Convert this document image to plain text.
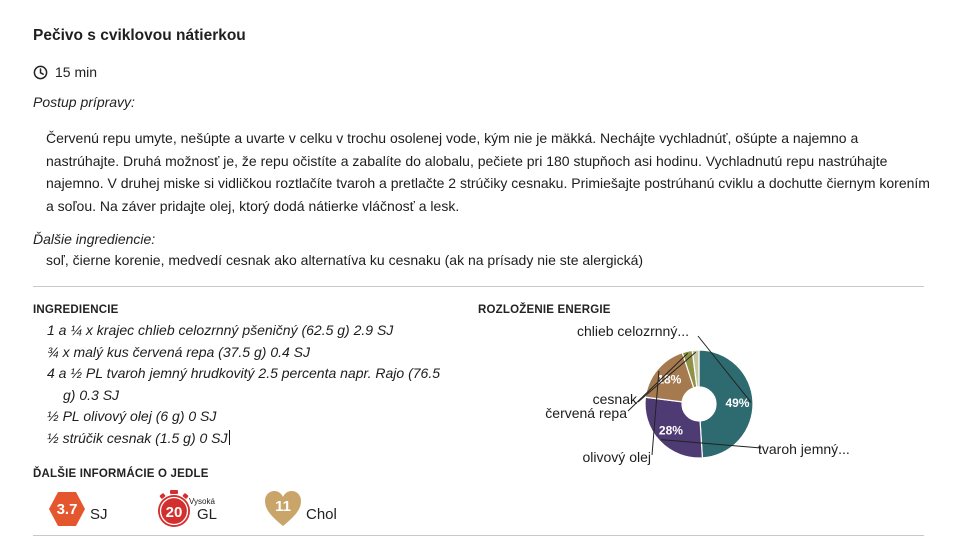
Pečivo s cviklovou nátierkou
15 min
Postup prípravy:
Červenú repu umyte, nešúpte a uvarte v celku v trochu osolenej vode, kým nie je mäkká. Nechájte vychladnúť, ošúpte a najemno a nastrúhajte. Druhá možnosť je, že repu očistíte a zabalíte do alobalu, pečiete pri 180 stupňoch asi hodinu. Vychladnutú repu nastrúhajte najemno. V druhej miske si vidličkou roztlačíte tvaroh a pretlačte 2 strúčiky cesnaku. Primiešajte postrúhanú cviklu a dochutte čiernym korením a soľou. Na záver pridajte olej, ktorý dodá nátierke vláčnosť a lesk.
Ďalšie ingrediencie:
soľ, čierne korenie, medvedí cesnak ako alternatíva ku cesnaku (ak na prísady nie ste alergická)
INGREDIENCIE
1 a ¼ x krajec chlieb celozrnný pšeničný (62.5 g) 2.9 SJ
¾ x malý kus červená repa (37.5 g) 0.4 SJ
4 a ½ PL tvaroh jemný hrudkovitý 2.5 percenta napr. Rajo (76.5 g) 0.3 SJ
½ PL olivový olej (6 g) 0 SJ
½ strúčik cesnak (1.5 g) 0 SJ
ROZLOŽENIE ENERGIE
49%
chlieb celozrnný...
28%
tvaroh jemný...
18%
olivový olej
červená repa
cesnak
ĎALŠIE INFORMÁCIE O JEDLE
3.7 SJ	20
Vysoká
GL	11	Chol
